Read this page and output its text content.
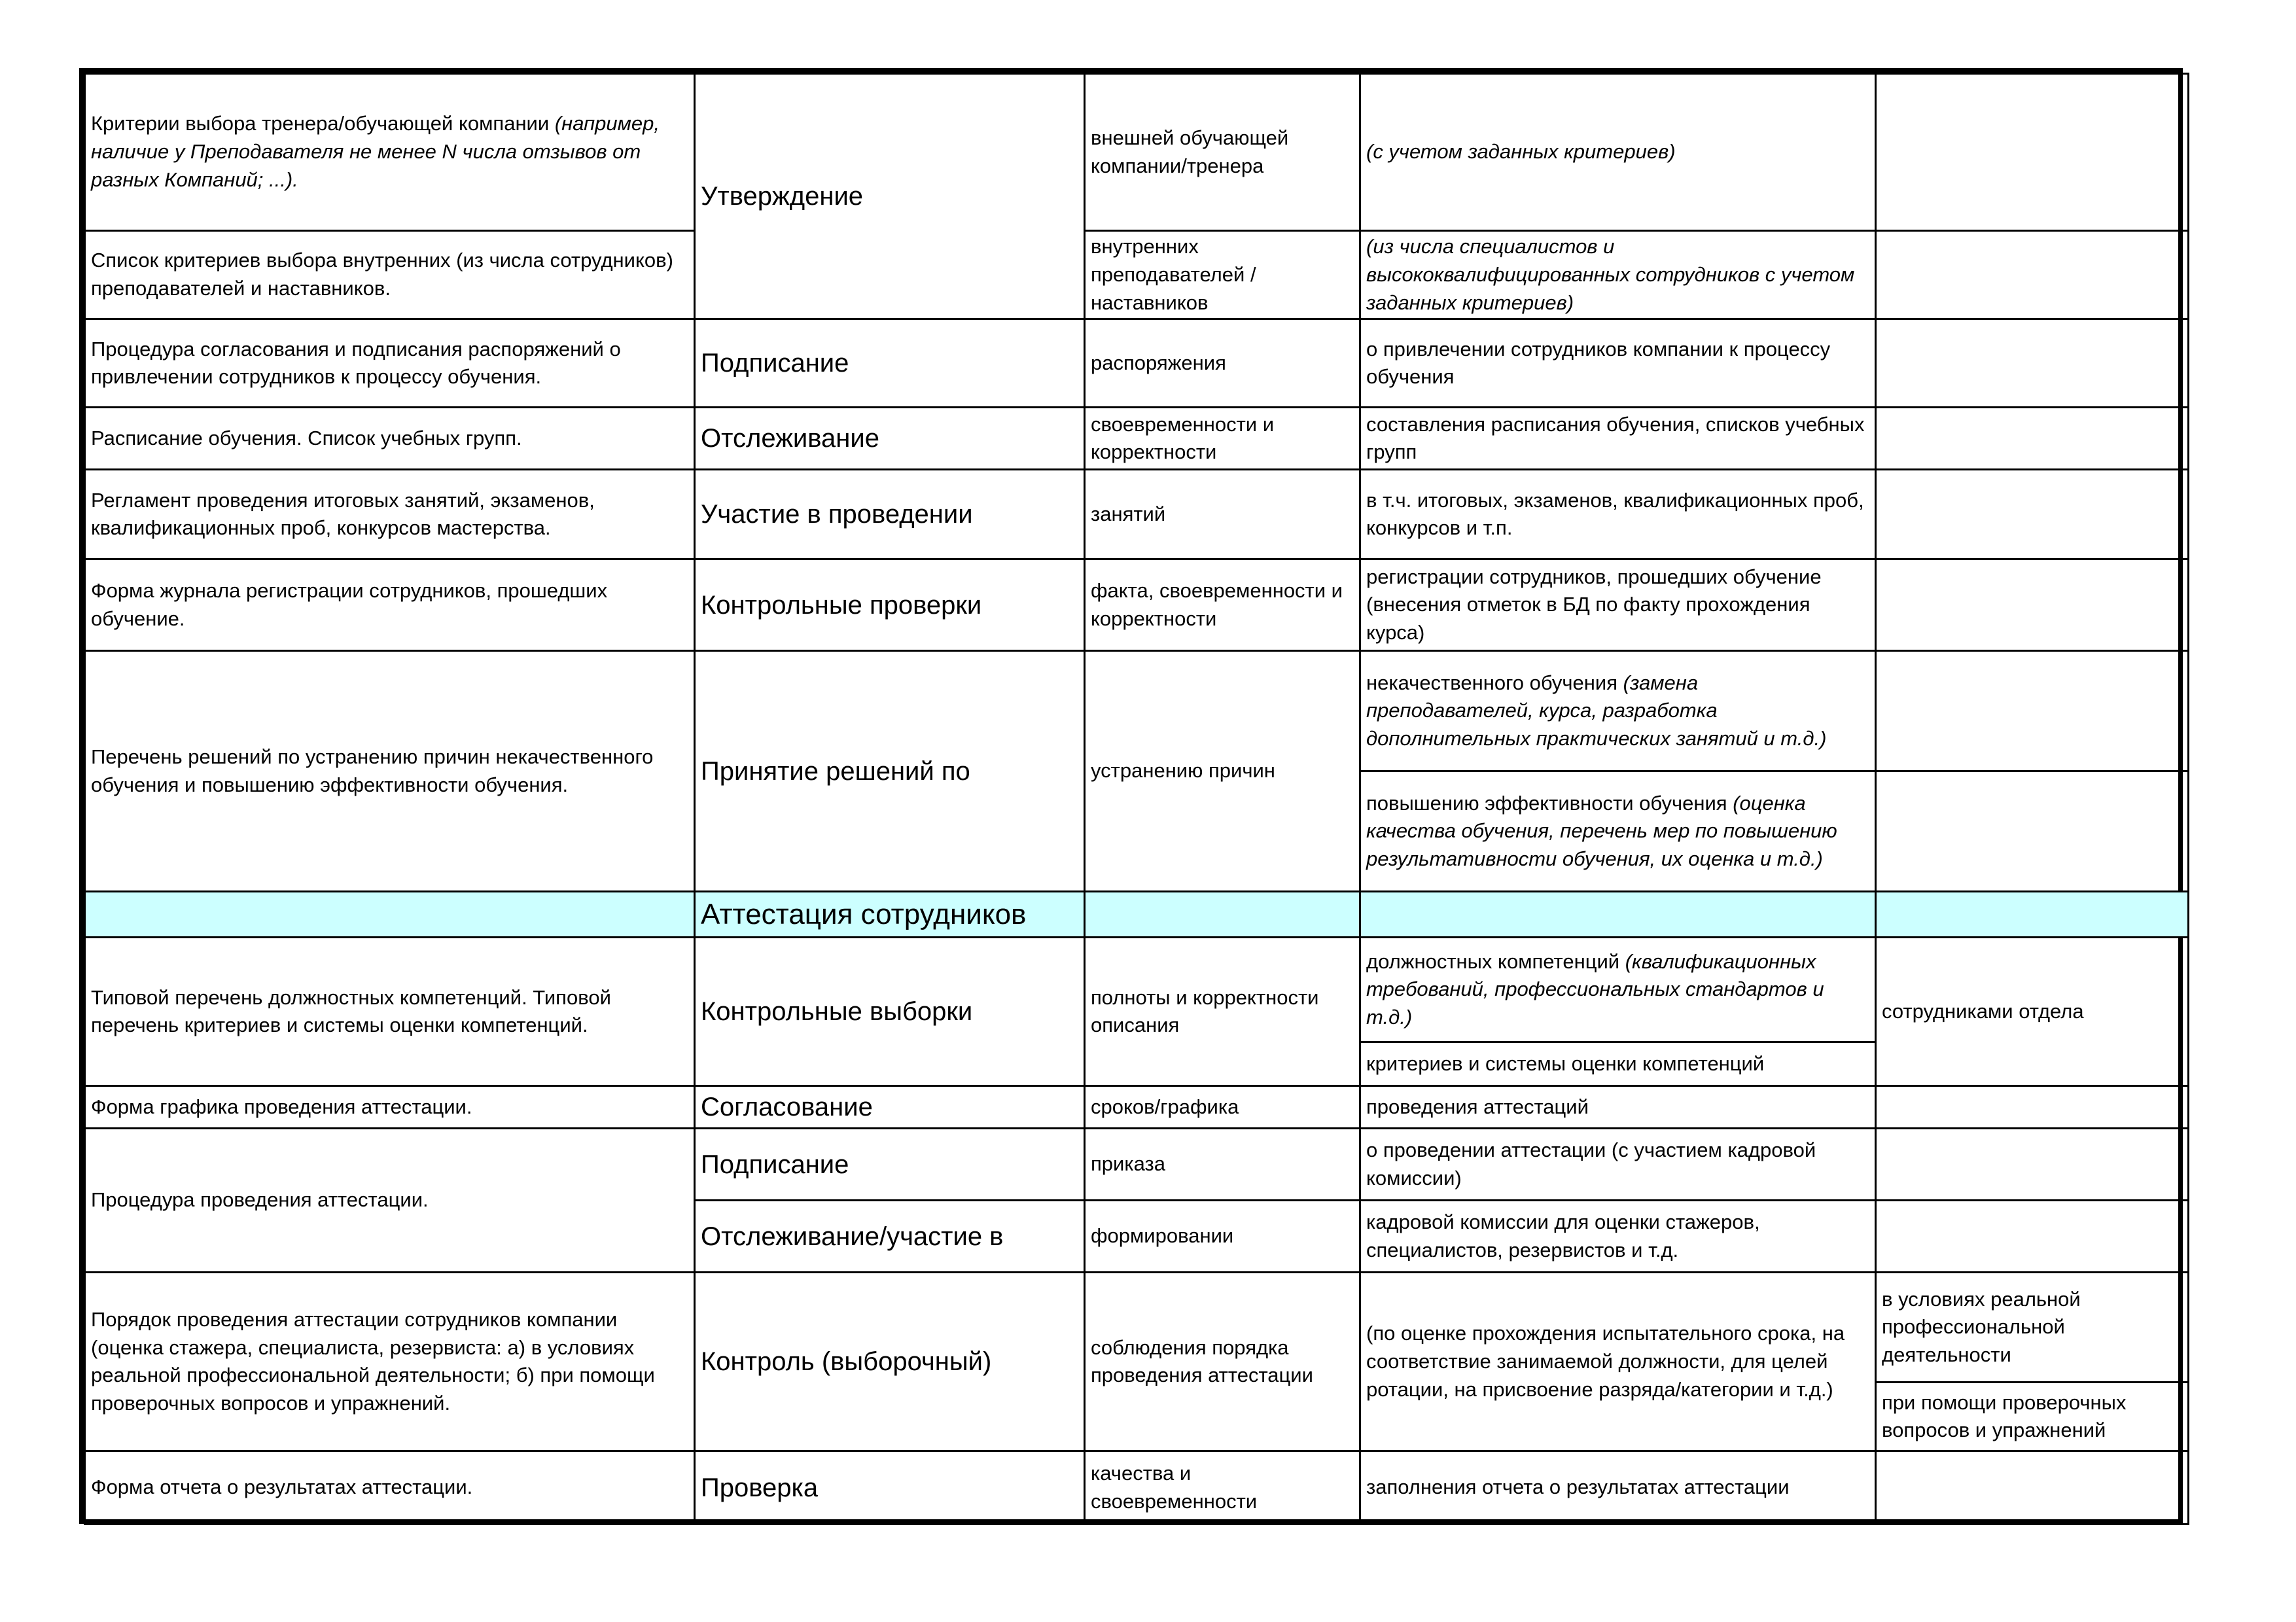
Критерии выбора тренера/обучающей компании (например, наличие у Преподавателя не менее N числа отзывов от разных Компаний; ...).	Утверждение	внешней обучающей компании/тренера	(с учетом заданных критериев)	
Список критериев выбора внутренних (из числа сотрудников) преподавателей и наставников.		внутренних преподавателей / наставников	(из числа специалистов и высококвалифицированных сотрудников с учетом заданных критериев)	
Процедура согласования и подписания распоряжений о привлечении сотрудников к процессу обучения.	Подписание	распоряжения	о привлечении сотрудников компании к процессу обучения	
Расписание обучения. Список учебных групп.	Отслеживание	своевременности и корректности	составления расписания обучения, списков учебных групп	
Регламент проведения итоговых занятий, экзаменов, квалификационных проб, конкурсов мастерства.	Участие в проведении	занятий	в т.ч. итоговых, экзаменов, квалификационных проб, конкурсов и т.п.	
Форма журнала регистрации сотрудников, прошедших обучение.	Контрольные проверки	факта, своевременности и корректности	регистрации сотрудников, прошедших обучение (внесения отметок в БД по факту прохождения курса)	
Перечень решений по устранению причин некачественного обучения и повышению эффективности обучения.	Принятие решений по	устранению причин	некачественного обучения (замена преподавателей, курса, разработка дополнительных практических занятий и т.д.)	
			повышению эффективности обучения (оценка качества обучения, перечень мер по повышению результативности обучения, их оценка и т.д.)	
	Аттестация сотрудников			
Типовой перечень должностных компетенций. Типовой перечень критериев и системы оценки компетенций.	Контрольные выборки	полноты и корректности описания	должностных компетенций (квалификационных требований, профессиональных стандартов и т.д.)	сотрудниками отдела
			критериев и системы оценки компетенций	
Форма графика проведения аттестации.	Согласование	сроков/графика	проведения аттестаций	
Процедура проведения аттестации.	Подписание	приказа	о проведении аттестации (с участием кадровой комиссии)	
	Отслеживание/участие в	формировании	кадровой комиссии для оценки стажеров, специалистов, резервистов и т.д.	
Порядок проведения аттестации сотрудников компании (оценка стажера, специалиста, резервиста: а) в условиях реальной профессиональной деятельности; б) при помощи проверочных вопросов и упражнений.	Контроль (выборочный)	соблюдения порядка проведения аттестации	(по оценке прохождения испытательного срока, на соответствие занимаемой должности, для целей ротации, на присвоение разряда/категории и т.д.)	в условиях реальной профессиональной деятельности
				при помощи проверочных вопросов и упражнений
Форма отчета о результатах аттестации.	Проверка	качества и своевременности	заполнения отчета о результатах аттестации	
